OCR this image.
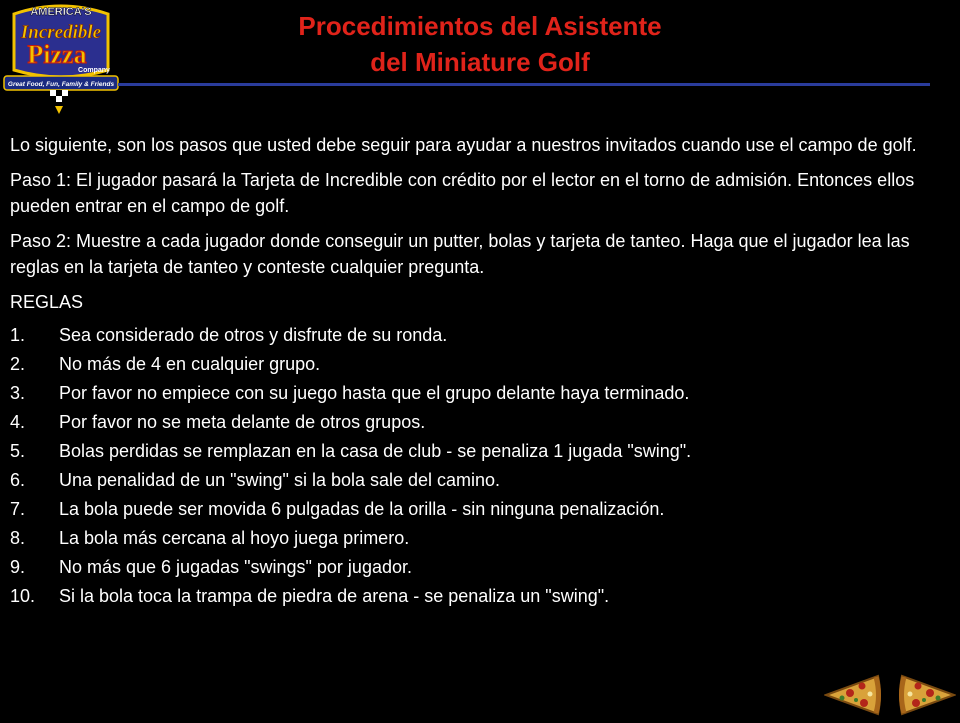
AMERICA'S
Incredible
Pizza
Company
Great Food, Fun, Family & Friends
Procedimientos del Asistente
del Miniature Golf

Lo siguiente, son los pasos que usted debe seguir para ayudar a nuestros invitados cuando use el campo de golf.

Paso 1: El jugador pasará la Tarjeta de Incredible con crédito por el lector en el torno de admisión. Entonces ellos pueden entrar en el campo de golf.

Paso 2: Muestre a cada jugador donde conseguir un putter, bolas y tarjeta de tanteo. Haga que el jugador lea las reglas en la tarjeta de tanteo y conteste cualquier pregunta.

REGLAS

1.	Sea considerado de otros y disfrute de su ronda.
2.	No más de 4 en cualquier grupo.
3.	Por favor no empiece con su juego hasta que el grupo delante haya terminado.
4.	Por favor no se meta delante de otros grupos.
5.	Bolas perdidas se remplazan en la casa de club - se penaliza 1 jugada "swing".
6.	Una penalidad de un "swing" si la bola sale del camino.
7.	La bola puede ser movida 6 pulgadas de la orilla - sin ninguna penalización.
8.	La bola más cercana al hoyo juega primero.
9.	No más que 6 jugadas "swings" por jugador.
10.	Si la bola toca la trampa de piedra de arena - se penaliza un "swing".
